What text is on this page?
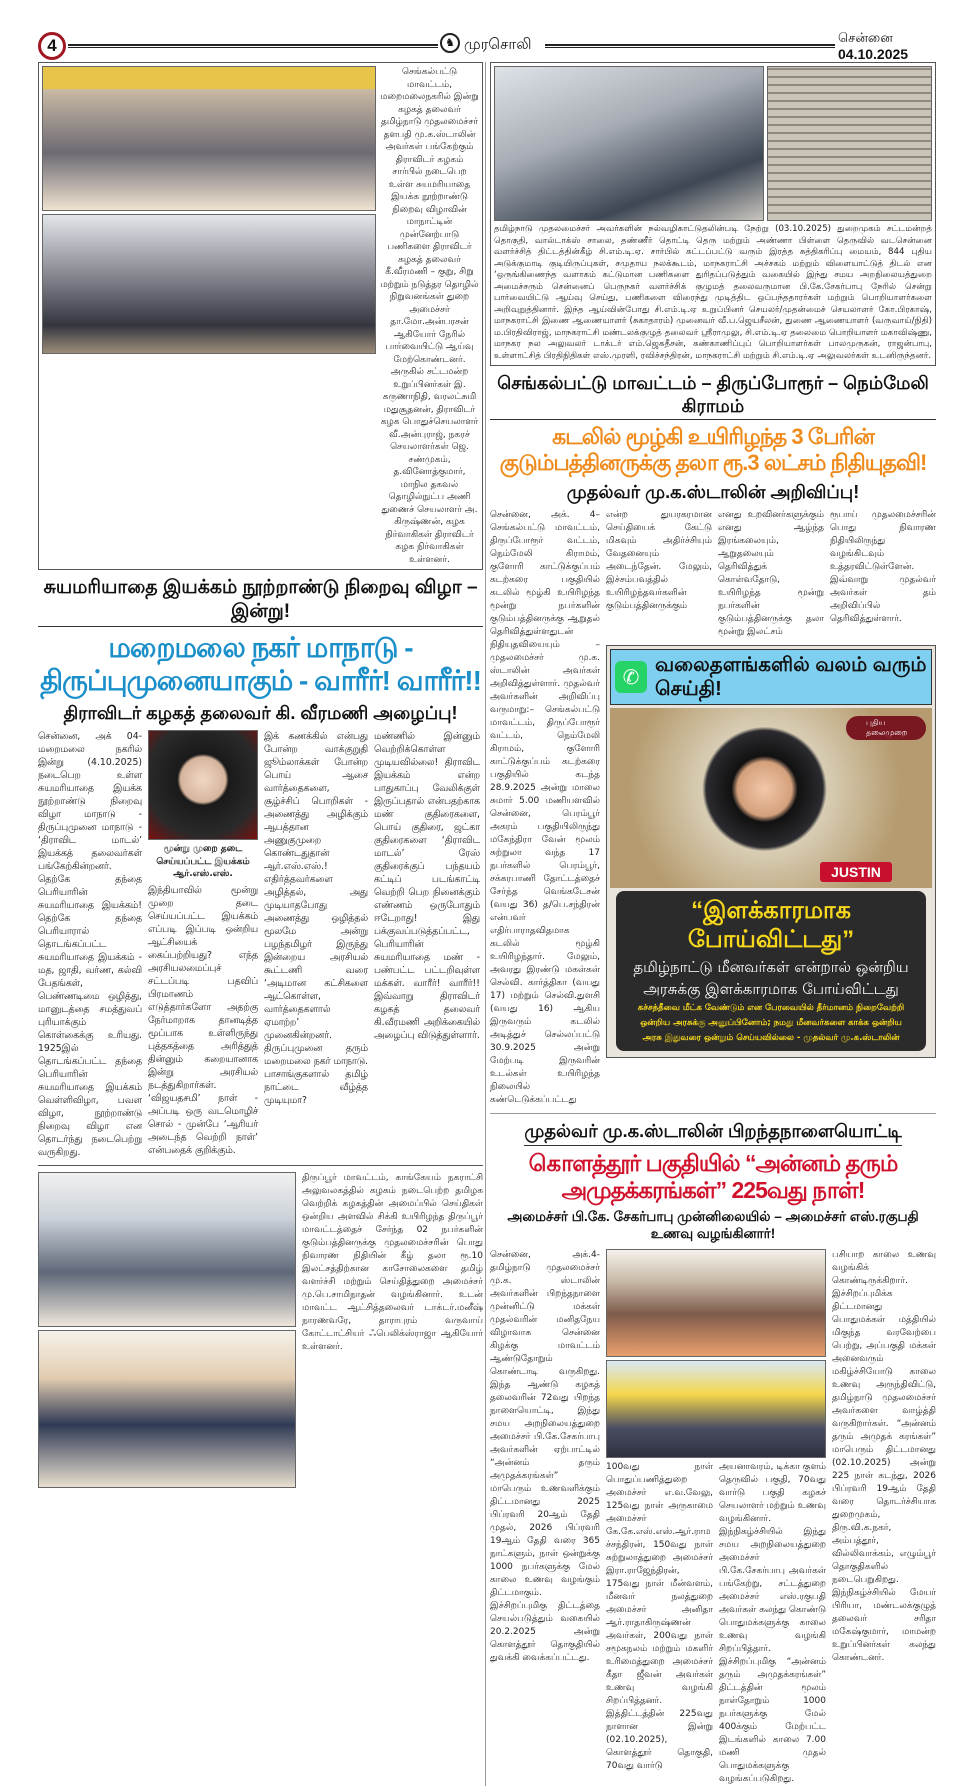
4	♞ முரசொலி	சென்னை
04.10.2025
செங்கல்பட்டு மாவட்டம், மறைமலைநகரில் இன்று கழகத் தலைவர் தமிழ்நாடு முதலமைச்சர் தளபதி மு.க.ஸ்டாலின் அவர்கள் பங்கேற்கும் திராவிடர் கழகம் சார்பில் நடைபெற உள்ள சுயமரியாதை இயக்க நூற்றாண்டு நிறைவு விழாவின் மாநாட்டின் முன்னேற்பாடு பணிகளை திராவிடர் கழகத் தலைவர் கீ.வீரமணி – குறு, சிறு மற்றும் நடுத்தர தொழில் நிறுவனங்கள் துறை அமைச்சர் தா.மோ.அன்பரசன் ஆகியோர் நேரில் பார்வையிட்டு ஆய்வு மேற்கொண்டனர். அருகில் சட்டமன்ற உறுப்பினர்கள் இ. கருணாநிதி, வரலட்சுமி மதுசூதனன், திராவிடர் கழக பொதுச்செயலாளர் வீ.அன்புராஜ், நகரச் செயலாளர்கள் ஜெ. சண்முகம், த.வினோத்குமார், மாநில தகவல் தொழில்நுட்ப அணி துணைச் செயலாளர் அ. கிருஷ்ணன், கழக நிர்வாகிகள் திராவிடர் கழக நிர்வாகிகள் உள்ளனர்.
சுயமரியாதை இயக்கம் நூற்றாண்டு நிறைவு விழா – இன்று!
மறைமலை நகர் மாநாடு - திருப்புமுனையாகும் - வாரீர்! வாரீர்!!
திராவிடர் கழகத் தலைவர் கி. வீரமணி அழைப்பு!
சென்னை, அக் 04- மறைமலை நகரில் இன்று (4.10.2025) நடைபெற உள்ள சுயமரியாதை இயக்க நூற்றாண்டு நிறைவு விழா மாநாடு - திருப்புமுனை மாநாடு - ‘திராவிட மாடல்’ இயக்கத் தலைவர்கள் பங்கேற்கின்றனர். தெற்கே தந்தை பெரியாரின் சுயமரியாதை இயக்கம்! தெற்கே தந்தை பெரியாரால் தொடங்கப்பட்ட சுயமரியாதை இயக்கம் - மத, ஜாதி, வர்ண, கல்வி பேதங்கள், பெண்ணடிமை ஒழித்து, மானுடத்தை சமத்துவப் புரியாக்கும் கொள்கைக்கு உரியது. 1925இல் தொடங்கப்பட்ட தந்தை பெரியாரின் சுயமரியாதை இயக்கம் வெள்ளிவிழா, பவள விழா, நூற்றாண்டு நிறைவு விழா என தொடர்ந்து நடைபெற்று வருகிறது.
மூன்று முறை தடை செய்யப்பட்ட இயக்கம் ஆர்.எஸ்.எஸ்.
இந்தியாவில் மூன்று முறை தடை செய்யப்பட்ட இயக்கம் எப்படி இப்படி ஒன்றிய ஆட்சியைக் கைப்பற்றியது? எந்த அரசியலமைப்புச் சட்டப்படி பதவிப் பிரமாணம் எடுத்தார்களோ அதற்கு நேர்மாறாக தானடித்த மூப்பாக உள்ளிருந்து புத்தகத்தை அரித்துத் தின்னும் கறையானாக இன்று அரசியல் நடத்துகிறார்கள். ‘விஜயதசமி’ நாள் - அப்படி ஒரு வடமொழிச் சொல் - முன்பே ‘ஆரியர் அடைந்த வெற்றி நாள்’ என்பதைக் குறிக்கும்.
இக் கணக்கில் என்பது போன்ற வாக்குறுதி ஜூம்லாக்கள் போன்ற பொய் ஆசை வார்த்தைகளை, சூழ்ச்சிப் பொறிகள் - அணைத்து அழிக்கும் ஆபத்தான அணுகுமுறை கொண்டதுதான் ஆர்.எஸ்.எஸ்.! எதிர்த்தவர்களை அழித்தல், அது முடியாதபோது அணைத்து ஒழித்தல் மூலமே அன்று பழந்தமிழர் இருந்து இன்றைய அரசியல் கூட்டணி வரை ‘அடிமான கட்சிகளை ஆட்கொள்ள, வார்த்தைகளால் ஏமாற்ற’ முனைகின்றனர். திருப்புமுனை தரும் மறைமலை நகர் மாநாடு. பாசாங்குகளால் தமிழ் நாட்டை வீழ்த்த முடியுமா?
மண்ணில் இன்னும் வெற்றிக்கொள்ள முடியவில்லை! திராவிட இயக்கம் என்ற பாதுகாப்பு வேலிக்குள் இருப்பதால் என்பதற்காக மண் குதிரைகளை, பொய் குதிரை, ஜட்கா குதிரைகளை ‘திராவிட மாடல்’ ரேஸ் குதிரைக்குப் பந்தயம் கட்டிப் படங்காட்டி வெற்றி பெற நினைக்கும் எண்ணம் ஒருபோதும் ஈடேறாது! இது பக்குவப்படுத்தப்பட்ட, பெரியாரின் சுயமரியாதை மண் - பண்பட்ட பட்டறிவுள்ள மக்கள். வாரீர்! வாரீர்!! இவ்வாறு திராவிடர் கழகத் தலைவர் கி.வீரமணி அறிக்கையில் அழைப்பு விடுத்துள்ளார்.
திருப்பூர் மாவட்டம், காங்கேயம் நகராட்சி அலுவலகத்தில் கழகம் நடைபெற்ற தமிழக வெற்றிக் கழகத்தின் அமைப்பில் செய்திகள் ஒன்றிய அளவில் சிக்கி உயிரிழந்த திருப்பூர் மாவட்டத்தைச் சேர்ந்த 02 நபர்களின் குடும்பத்தினருக்கு முதலமைச்சரின் பொது நிவாரண நிதியின் கீழ் தலா ரூ.10 இலட்சத்திற்கான காசோலைகளை தமிழ் வளர்ச்சி மற்றும் செய்தித்துறை அமைச்சர் மு.பெ.சாமிநாதன் வழங்கினார். உடன் மாவட்ட ஆட்சித்தலைவர் டாக்டர்.மனீஷ் நாரணவரே, தாராபுரம் வருவாய் கோட்டாட்சியர் ஃபெலிக்ஸ்ராஜா ஆகியோர் உள்ளனர்.
தமிழ்நாடு முதலமைச்சர் அவர்களின் நல்வழிகாட்டுதலின்படி நேற்று (03.10.2025) துறைமுகம் சட்டமன்றத் தொகுதி, வால்டாக்ஸ் சாலை, தண்ணீர் தொட்டி தெரு மற்றும் அண்ணா பிள்ளை தெருவில் வடசென்னை வளர்ச்சித் திட்டத்தின்கீழ் சி.எம்.டி.ஏ. சார்பில் கட்டப்பட்டு வரும் இரத்த சுத்திகரிப்பு மையம், 844 புதிய அடுக்குமாடி குடியிருப்புகள், சமுதாய நலக்கூடம், மாநகராட்சி அச்சகம் மற்றும் விளையாட்டுத் திடல் என ‘ஒருங்கிணைந்த வளாகம் கட்டுமான பணிகளை துரிதப்படுத்தும் வகையில் இந்து சமய அறநிலையத்துறை அமைச்சரும் சென்னைப் பெருநகர் வளர்ச்சிக் குழுமத் தலைவருமான பி.கே.சேகர்பாபு நேரில் சென்று பார்வையிட்டு ஆய்வு செய்து, பணிகளை விரைந்து முடித்திட ஒப்பந்ததாரர்கள் மற்றும் பொறியாளர்களை அறிவுறுத்தினார். இந்த ஆய்வின்போது சி.எம்.டி.ஏ உறுப்பினர் செயலர்/முதன்மைச் செயலாளர் கோ.பிரகாஷ், மாநகராட்சி இணை ஆணையாளர் (சுகாதாரம்) முனைவர் வீ.ப.ஜெயசீலன், துணை ஆணையாளர் (வருவாய்/நிதி) ம.பிரதிவிராஜ், மாநகராட்சி மண்டலக்குழுத் தலைவர் ஸ்ரீராமுலு, சி.எம்.டி.ஏ தலைமை பொறியாளர் மகாவிஷ்ணு, மாநகர நல அலுவலர் டாக்டர் எம்.ஜெகதீசன், கண்காணிப்புப் பொறியாளர்கள் பாலமுருகன், ராஜன்பாபு, உள்ளாட்சித் பிரதிநிதிகள் எஸ்.முரளி, ரவிச்சந்திரன், மாநகராட்சி மற்றும் சி.எம்.டி.ஏ அலுவலர்கள் உடனிருந்தனர்.
செங்கல்பட்டு மாவட்டம் – திருப்போரூர் – நெம்மேலி கிராமம்
கடலில் மூழ்கி உயிரிழந்த 3 பேரின் குடும்பத்தினருக்கு தலா ரூ.3 லட்சம் நிதியுதவி!
முதல்வர் மு.க.ஸ்டாலின் அறிவிப்பு!
சென்னை, அக். 4– செங்கல்பட்டு மாவட்டம், திருப்போரூர் வட்டம், நெம்மேலி கிராமம், குளோரி காட்டுக்குப்பம் கடற்கரை பகுதியில் கடலில் மூழ்கி உயிரிழந்த மூன்று நபர்களின் குடும்பத்தினருக்கு ஆறுதல் தெரிவித்துள்ளதுடன் நிதியுதவியையும் – முதலமைச்சர் மு.க. ஸ்டாலின் அவர்கள் அறிவித்துள்ளார். முதல்வர் அவர்களின் அறிவிப்பு வருமாறு:– செங்கல்பட்டு மாவட்டம், திருப்போரூர் வட்டம், நெம்மேலி கிராமம், குளோரி காட்டுக்குப்பம் கடற்கரை பகுதியில் கடந்த 28.9.2025 அன்று மாலை சுமார் 5.00 மணியளவில் சென்னை, பெரம்பூர் அகரம் பகுதியிலிருந்து மகேந்திரா வேன் மூலம் சுற்றுலா வந்த 17 நபர்களில் பெரம்பூர், சக்கரபாணி தோட்டத்தைச் சேர்ந்த வெங்கடேசன் (வயது 36) த/பெ.சந்திரன் என்பவர் எதிர்பாராதவிதமாக கடலில் மூழ்கி உயிரிழந்தார். மேலும், அவரது இரண்டு மகள்கள் செல்வி. கார்த்திகா (வயது 17) மற்றும் செல்வி.துளசி (வயது 16) ஆகிய இருவரும் கடலில் அடித்துச் செல்லப்பட்டு 30.9.2025 அன்று மேற்படி இருவரின் உடல்கள் உயிரிழந்த நிலையில் கண்டெடுக்கப்பட்டது
என்ற துயரகரமான செய்தியைக் கேட்டு மிகவும் அதிர்ச்சியும் வேதனையும் அடைந்தேன். மேலும், இச்சம்பவத்தில் உயிரிழந்தவர்களின் குடும்பத்தினருக்கும்
எனது உறவினர்களுக்கும் எனது ஆழ்ந்த இரங்கலையும், ஆறுதலையும் தெரிவித்துக் கொள்வதோடு, உயிரிழந்த மூன்று நபர்களின் குடும்பத்தினருக்கு தலா மூன்று இலட்சம்
ரூபாய் முதலமைச்சரின் பொது நிவாரண நிதியிலிருந்து வழங்கிடவும் உத்தரவிட்டுள்ளேன். இவ்வாறு முதல்வர் அவர்கள் தம் அறிவிப்பில் தெரிவித்துள்ளார்.
✆ வலைதளங்களில் வலம் வரும் செய்தி!
புதிய தலைமுறை
JUSTIN
“இளக்காரமாக போய்விட்டது”
தமிழ்நாட்டு மீனவர்கள் என்றால் ஒன்றிய
அரசுக்கு இளக்காரமாக போய்விட்டது
கச்சத்தீவை மீட்க வேண்டும் என பேரவையில் தீர்மானம் நிறைவேற்றி
ஒன்றிய அரசுக்கு அனுப்பினோம்; நமது மீனவர்களை காக்க ஒன்றிய
அரசு இதுவரை ஒன்றும் செய்யவில்லை - முதல்வர் மு.க.ஸ்டாலின்
முதல்வர் மு.க.ஸ்டாலின் பிறந்தநாளையொட்டி
கொளத்தூர் பகுதியில் “அன்னம் தரும் அமுதக்கரங்கள்” 225வது நாள்!
அமைச்சர் பி.கே. சேகர்பாபு முன்னிலையில் – அமைச்சர் எஸ்.ரகுபதி உணவு வழங்கினார்!
சென்னை, அக்.4- தமிழ்நாடு முதலமைச்சர் மு.க. ஸ்டாலின் அவர்களின் பிறந்தநாளை முன்னிட்டு மக்கள் முதல்வரின் மனிதநேய விழாவாக சென்னை கிழக்கு மாவட்டம் ஆண்டுதோறும் கொண்டாடி வருகிறது. இந்த ஆண்டு கழகத் தலைவரின் 72வது பிறந்த நாளையொட்டி, இந்து சமய அறநிலையத்துறை அமைச்சர் பி.கே.சேகர்பாபு அவர்களின் ஏற்பாட்டில் “அன்னம் தரும் அமுதக்கரங்கள்” மாபெரும் உணவளிக்கும் திட்டமானது 2025 பிப்ரவரி 20ஆம் தேதி முதல், 2026 பிப்ரவரி 19ஆம் தேதி வரை 365 நாட்களும், நாள் ஒன்றுக்கு 1000 நபர்களுக்கு மேல் காலை உணவு வழங்கும் திட்டமாகும். இச்சிறப்புமிகு திட்டத்தை செயல்படுத்தும் வகையில் 20.2.2025 அன்று கொளத்தூர் தொகுதியில் துவக்கி வைக்கப்பட்டது.
100வது நாள் பொதுப்பணித்துறை அமைச்சர் எ.வ.வேலு, 125வது நாள் அருகாமை அமைச்சர் கே.கே.எஸ்.எஸ்.ஆர்.ராமச்சந்திரன், 150வது நாள் சுற்றுலாத்துறை அமைச்சர் இரா.ராஜேந்திரன், 175வது நாள் மீன்வளம், மீனவர் நலத்துறை அமைச்சர் அனிதா ஆர்.ராதாகிருஷ்ணன் அவர்கள், 200வது நாள் சமூகநலம் மற்றும் மகளிர் உரிமைத்துறை அமைச்சர் கீதா ஜீவன் அவர்கள் உணவு வழங்கி சிறப்பித்தனர். இத்திட்டத்தின் 225வது நாளான இன்று (02.10.2025), கொளத்தூர் தொகுதி, 70வது வார்டு
அயனாவரம், டிக்கா குளம் தெருவில் பகுதி, 70வது வார்டு பகுதி கழகச் செயலாளர் மற்றும் உணவு வழங்கினார். இந்நிகழ்ச்சியில் இந்து சமய அறநிலையத்துறை அமைச்சர் பி.கே.சேகர்பாபு அவர்கள் பங்கேற்று, சட்டத்துறை அமைச்சர் எஸ்.ரகுபதி அவர்கள் கலந்து கொண்டு பொதுமக்களுக்கு காலை உணவு வழங்கி சிறப்பித்தார். இச்சிறப்புமிகு “அன்னம் தரும் அமுதக்கரங்கள்” திட்டத்தின் மூலம் நாள்தோறும் 1000 நபர்களுக்கு மேல் 400க்கும் மேற்பட்ட இடங்களில் காலை 7.00 மணி முதல் பொதுமக்களுக்கு வழங்கப்படுகிறது.
பசியாற காலை உணவு வழங்கிக் கொண்டிருக்கிறார். இச்சிறப்புமிக்க திட்டமானது பொதுமக்கள் மத்தியில் மிகுந்த வரவேற்பை பெற்று, அப்பகுதி மக்கள் அனைவரும் மகிழ்ச்சியோடு காலை உணவு அருந்திவிட்டு, தமிழ்நாடு முதலமைச்சர் அவர்களை வாழ்த்தி வருகிறார்கள். “அன்னம் தரும் அமுதக் கரங்கள்” மாபெரும் திட்டமானது (02.10.2025) அன்று 225 நாள் கடந்து, 2026 பிப்ரவரி 19ஆம் தேதி வரை தொடர்ச்சியாக துறைமுகம், திரு.வி.க.நகர், அம்பத்தூர், வில்லிவாக்கம், எழும்பூர் தொகுதிகளில் நடைபெறுகிறது. இந்நிகழ்ச்சியில் மேயர் பிரியா, மண்டலக்குழுத் தலைவர் சரிதா மகேஷ்குமார், மாமன்ற உறுப்பினர்கள் கலந்து கொண்டனர்.
